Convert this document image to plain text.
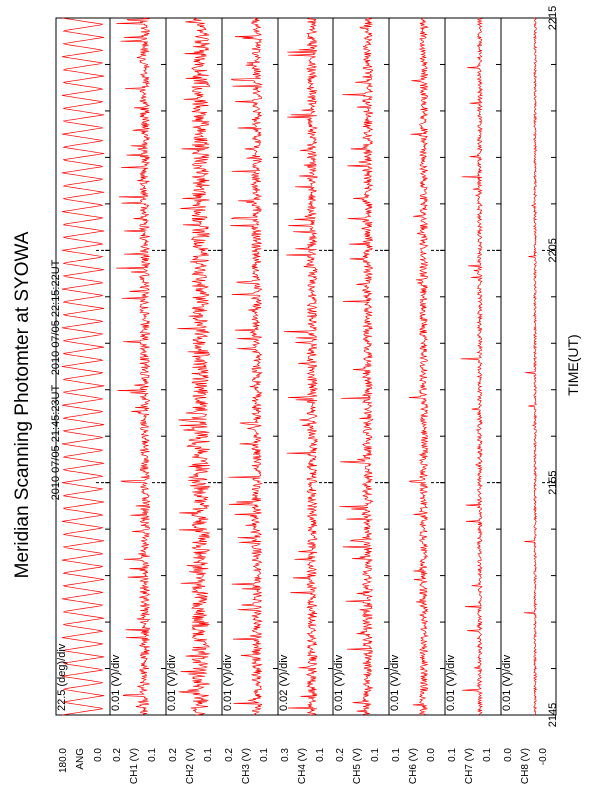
Meridian Scanning Photomter at SYOWA 2010 07/05 21:45:23UT - 2010 07/05 22:15:22UT
2145
2155
2205
2215
TIME(UT)
180.0 0.0
ANG
22.5 (deg)/div
0.2 0.1
CH1 (V)
0.01 (V)/div
0.2 0.1
CH2 (V)
0.01 (V)/div
0.2 0.1
CH3 (V)
0.01 (V)/div
0.3 0.1
CH4 (V)
0.02 (V)/div
0.2 0.1
CH5 (V)
0.01 (V)/div
0.1 0.0
CH6 (V)
0.01 (V)/div
0.1 0.1
CH7 (V)
0.01 (V)/div
0.0 -0.0
CH8 (V)
0.01 (V)/div
